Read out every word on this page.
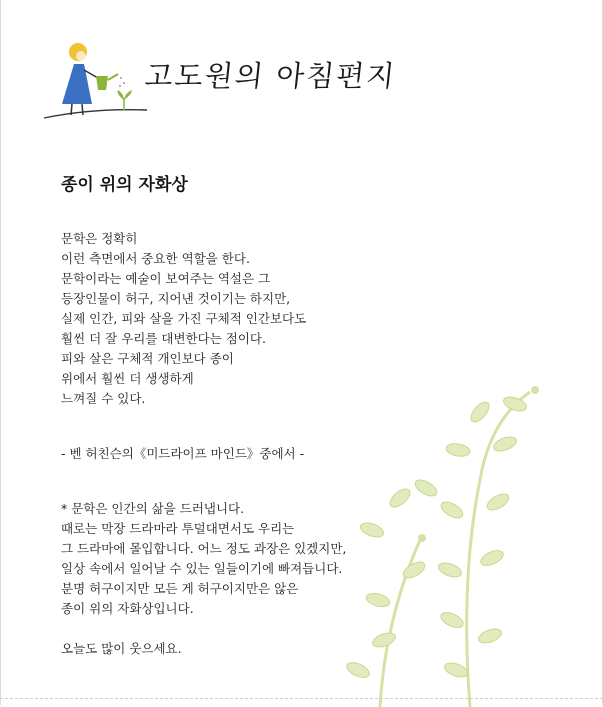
고도원의 아침편지
종이 위의 자화상
문학은 정확히
이런 측면에서 중요한 역할을 한다.
문학이라는 예술이 보여주는 역설은 그
등장인물이 허구, 지어낸 것이기는 하지만,
실제 인간, 피와 살을 가진 구체적 인간보다도
훨씬 더 잘 우리를 대변한다는 점이다.
피와 살은 구체적 개인보다 종이
위에서 훨씬 더 생생하게
느껴질 수 있다.
- 벤 허친슨의《미드라이프 마인드》중에서 -
* 문학은 인간의 삶을 드러냅니다.
때로는 막장 드라마라 투덜대면서도 우리는
그 드라마에 몰입합니다. 어느 정도 과장은 있겠지만,
일상 속에서 일어날 수 있는 일들이기에 빠져듭니다.
분명 허구이지만 모든 게 허구이지만은 않은
종이 위의 자화상입니다.
오늘도 많이 웃으세요.
